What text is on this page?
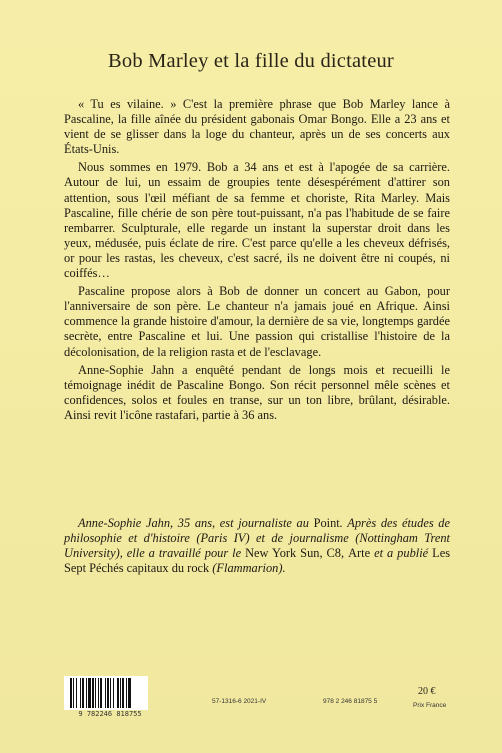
Bob Marley et la fille du dictateur

« Tu es vilaine. » C'est la première phrase que Bob Marley lance à Pascaline, la fille aînée du président gabonais Omar Bongo. Elle a 23 ans et vient de se glisser dans la loge du chanteur, après un de ses concerts aux États-Unis.

Nous sommes en 1979. Bob a 34 ans et est à l'apogée de sa carrière. Autour de lui, un essaim de groupies tente désespérément d'attirer son attention, sous l'œil méfiant de sa femme et choriste, Rita Marley. Mais Pascaline, fille chérie de son père tout-puissant, n'a pas l'habitude de se faire rembarrer. Sculpturale, elle regarde un instant la superstar droit dans les yeux, médusée, puis éclate de rire. C'est parce qu'elle a les cheveux défrisés, or pour les rastas, les cheveux, c'est sacré, ils ne doivent être ni coupés, ni coiffés…

Pascaline propose alors à Bob de donner un concert au Gabon, pour l'anniversaire de son père. Le chanteur n'a jamais joué en Afrique. Ainsi commence la grande histoire d'amour, la dernière de sa vie, longtemps gardée secrète, entre Pascaline et lui. Une passion qui cristallise l'histoire de la décolonisation, de la religion rasta et de l'esclavage.

Anne-Sophie Jahn a enquêté pendant de longs mois et recueilli le témoignage inédit de Pascaline Bongo. Son récit personnel mêle scènes et confidences, solos et foules en transe, sur un ton libre, brûlant, désirable. Ainsi revit l'icône rastafari, partie à 36 ans.

Anne-Sophie Jahn, 35 ans, est journaliste au Point. Après des études de philosophie et d'histoire (Paris IV) et de journalisme (Nottingham Trent University), elle a travaillé pour le New York Sun, C8, Arte et a publié Les Sept Péchés capitaux du rock (Flammarion).
9 782246 818755
57-1316-6 2021-IV	978 2 246 81875 5
20 €
Prix France
